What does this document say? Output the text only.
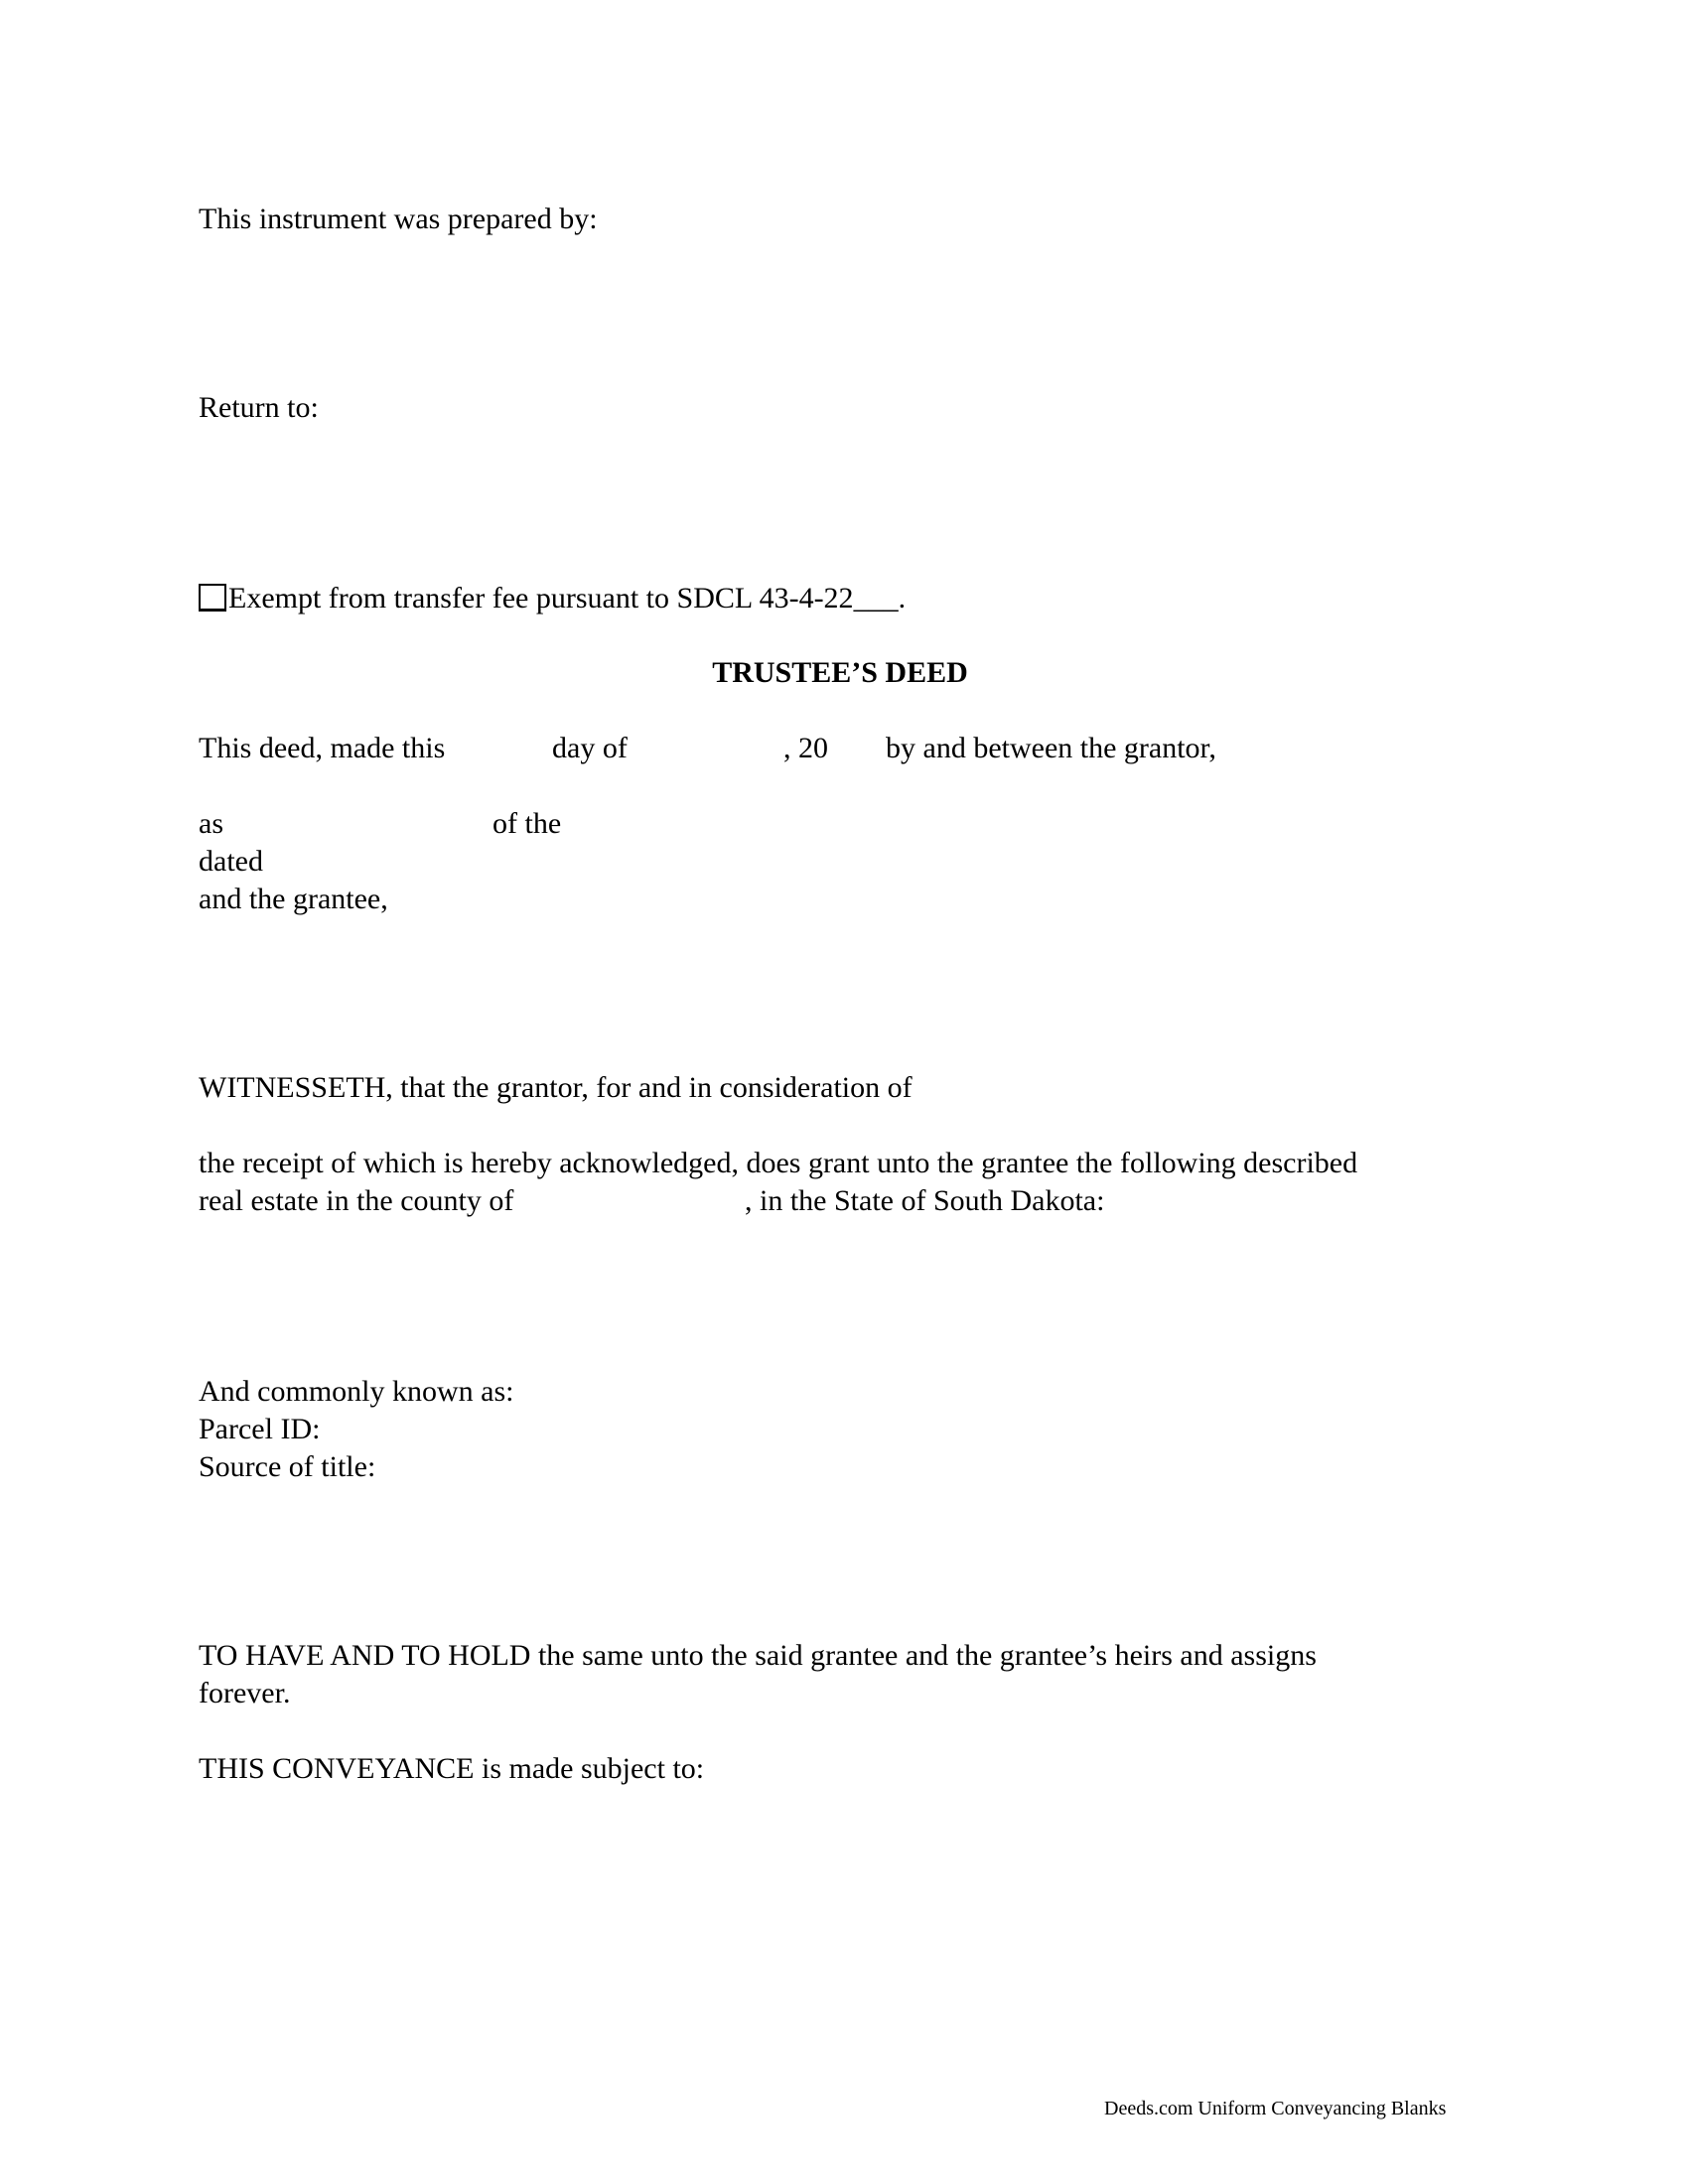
This instrument was prepared by:
Return to:
Exempt from transfer fee pursuant to SDCL 43-4-22___.
TRUSTEE’S DEED
This deed, made this	day of	, 20 by and between the grantor,
as	of the
dated
and the grantee,
WITNESSETH, that the grantor, for and in consideration of
the receipt of which is hereby acknowledged, does grant unto the grantee the following described
real estate in the county of	, in the State of South Dakota:
And commonly known as:
Parcel ID:
Source of title:
TO HAVE AND TO HOLD the same unto the said grantee and the grantee’s heirs and assigns
forever.
THIS CONVEYANCE is made subject to:
Deeds.com Uniform Conveyancing Blanks
